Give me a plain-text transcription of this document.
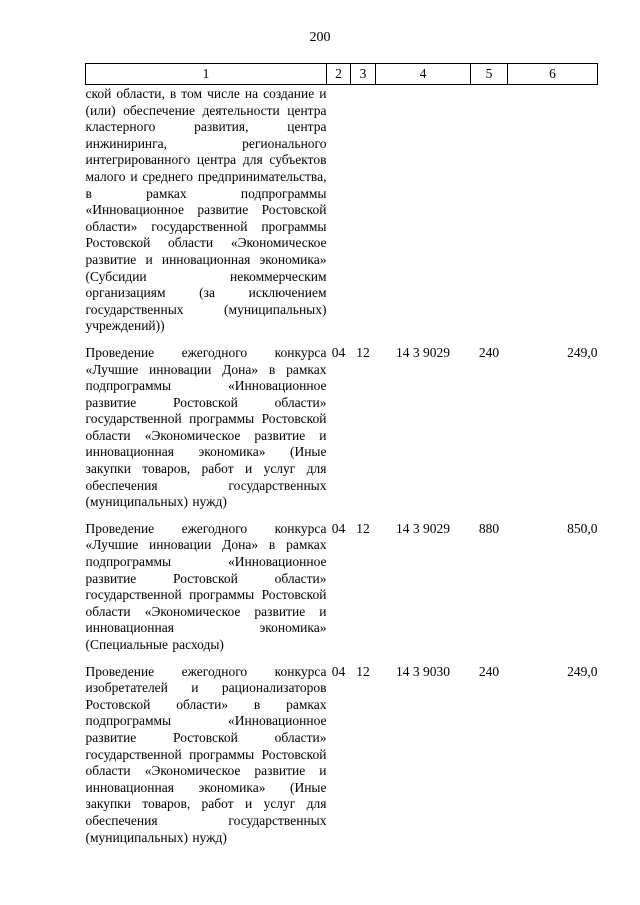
200
1	2	3	4	5	6
ской области, в том числе на создание и (или) обеспечение деятельности центра кластерного развития, центра инжиниринга, регионального интегрированного центра для субъектов малого и среднего предпринимательства, в рамках подпрограммы «Инновационное развитие Ростовской области» государственной программы Ростовской области «Экономическое развитие и инновационная экономика» (Субсидии некоммерческим организациям (за исключением государственных (муниципальных) учреждений))					
Проведение ежегодного конкурса «Лучшие инновации Дона» в рамках подпрограммы «Инновационное развитие Ростовской области» государственной программы Ростовской области «Экономическое развитие и инновационная экономика» (Иные закупки товаров, работ и услуг для обеспечения государственных (муниципальных) нужд)	04	12	14 3 9029	240	249,0
Проведение ежегодного конкурса «Лучшие инновации Дона» в рамках подпрограммы «Инновационное развитие Ростовской области» государственной программы Ростовской области «Экономическое развитие и инновационная экономика» (Специальные расходы)	04	12	14 3 9029	880	850,0
Проведение ежегодного конкурса изобретателей и рационализаторов Ростовской области» в рамках подпрограммы «Инновационное развитие Ростовской области» государственной программы Ростовской области «Экономическое развитие и инновационная экономика» (Иные закупки товаров, работ и услуг для обеспечения государственных (муниципальных) нужд)	04	12	14 3 9030	240	249,0
